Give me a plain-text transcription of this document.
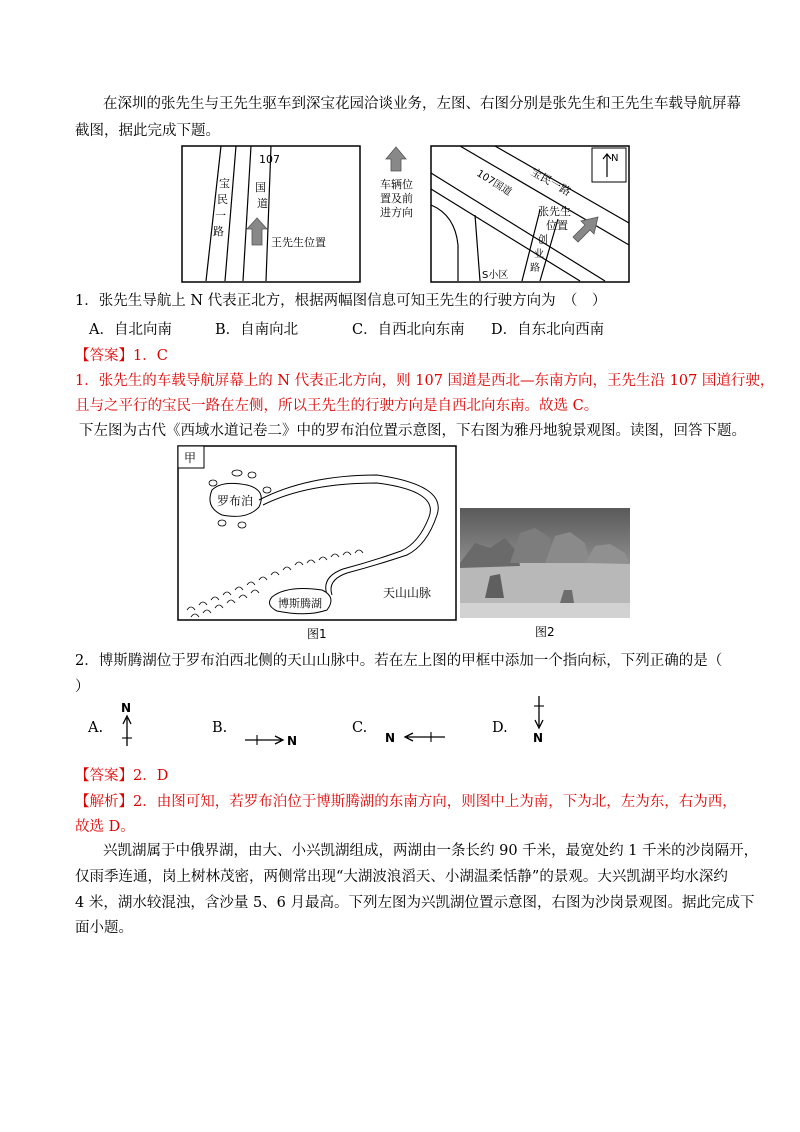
在深圳的张先生与王先生驱车到深宝花园洽谈业务，左图、右图分别是张先生和王先生车载导航屏幕
截图，据此完成下题。
107
国
道
宝
民
一
路
王先生位置
车辆位
置及前
进方向
N
宝民一路
107国道
张先生
位置
创
业
路
S小区
1．张先生导航上 N 代表正北方，根据两幅图信息可知王先生的行驶方向为　（　）
A．自北向南	B．自南向北	C．自西北向东南 D．自东北向西南
【答案】1．C
1．张先生的车载导航屏幕上的 N 代表正北方向，则 107 国道是西北—东南方向，王先生沿 107 国道行驶，
且与之平行的宝民一路在左侧，所以王先生的行驶方向是自西北向东南。故选 C。
下左图为古代《西域水道记卷二》中的罗布泊位置示意图，下右图为雅丹地貌景观图。读图，回答下题。
甲
罗布泊
博斯腾湖
天山山脉
图1	图2
2．博斯腾湖位于罗布泊西北侧的天山山脉中。若在左上图的甲框中添加一个指向标，下列正确的是（
）
A.
N
B.
N
C.
N
D.
N
【答案】2．D
【解析】2．由图可知，若罗布泊位于博斯腾湖的东南方向，则图中上为南，下为北，左为东，右为西，
故选 D。
兴凯湖属于中俄界湖，由大、小兴凯湖组成，两湖由一条长约 90 千米，最宽处约 1 千米的沙岗隔开，
仅雨季连通，岗上树林茂密，两侧常出现“大湖波浪滔天、小湖温柔恬静”的景观。大兴凯湖平均水深约
4 米，湖水较混浊，含沙量 5、6 月最高。下列左图为兴凯湖位置示意图，右图为沙岗景观图。据此完成下
面小题。
